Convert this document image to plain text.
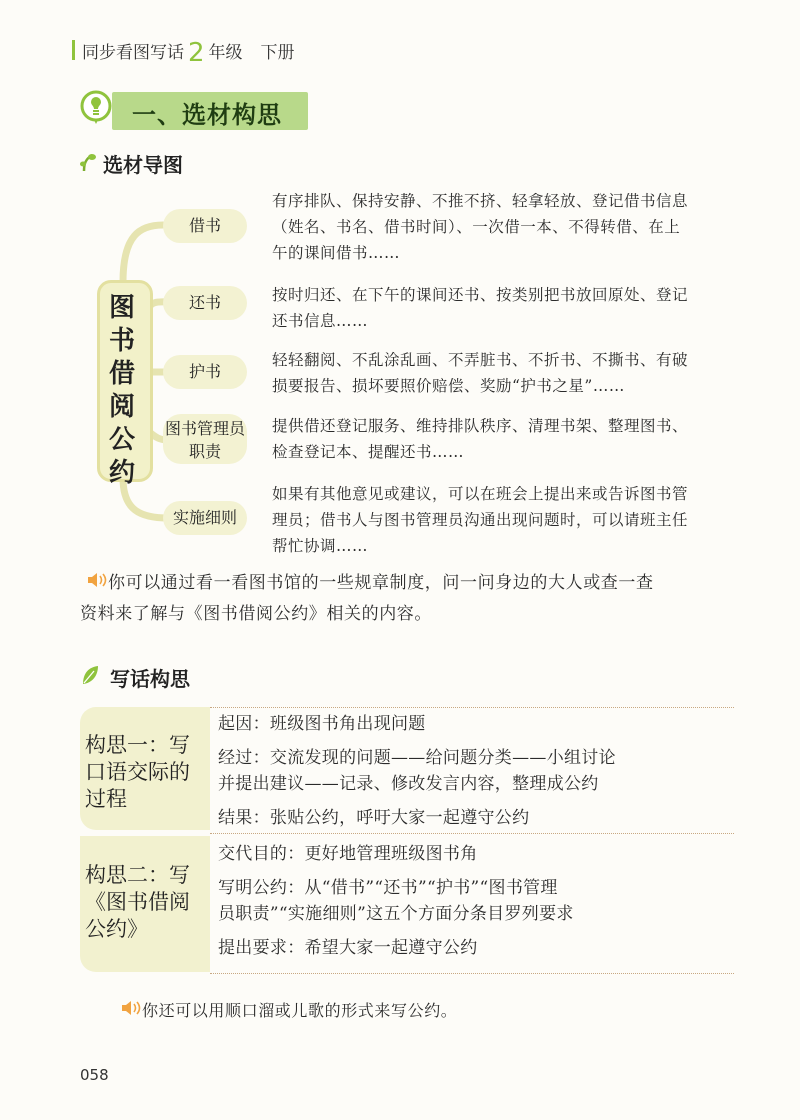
同步看图写话 2 年级 下册
一、选材构思
选材导图
图
书
借
阅
公
约
借书
还书
护书
图书管理员
职责
实施细则
有序排队、保持安静、不推不挤、轻拿轻放、登记借书信息
（姓名、书名、借书时间）、一次借一本、不得转借、在上
午的课间借书……
按时归还、在下午的课间还书、按类别把书放回原处、登记
还书信息……
轻轻翻阅、不乱涂乱画、不弄脏书、不折书、不撕书、有破
损要报告、损坏要照价赔偿、奖励“护书之星”……
提供借还登记服务、维持排队秩序、清理书架、整理图书、
检查登记本、提醒还书……
如果有其他意见或建议，可以在班会上提出来或告诉图书管
理员；借书人与图书管理员沟通出现问题时，可以请班主任
帮忙协调……
你可以通过看一看图书馆的一些规章制度，问一问身边的大人或查一查
资料来了解与《图书借阅公约》相关的内容。
写话构思
构思一：写
口语交际的
过程
构思二：写
《图书借阅
公约》
起因：班级图书角出现问题
经过：交流发现的问题——给问题分类——小组讨论
并提出建议——记录、修改发言内容，整理成公约
结果：张贴公约，呼吁大家一起遵守公约
交代目的：更好地管理班级图书角
写明公约：从“借书”“还书”“护书”“图书管理
员职责”“实施细则”这五个方面分条目罗列要求
提出要求：希望大家一起遵守公约
你还可以用顺口溜或儿歌的形式来写公约。
058
